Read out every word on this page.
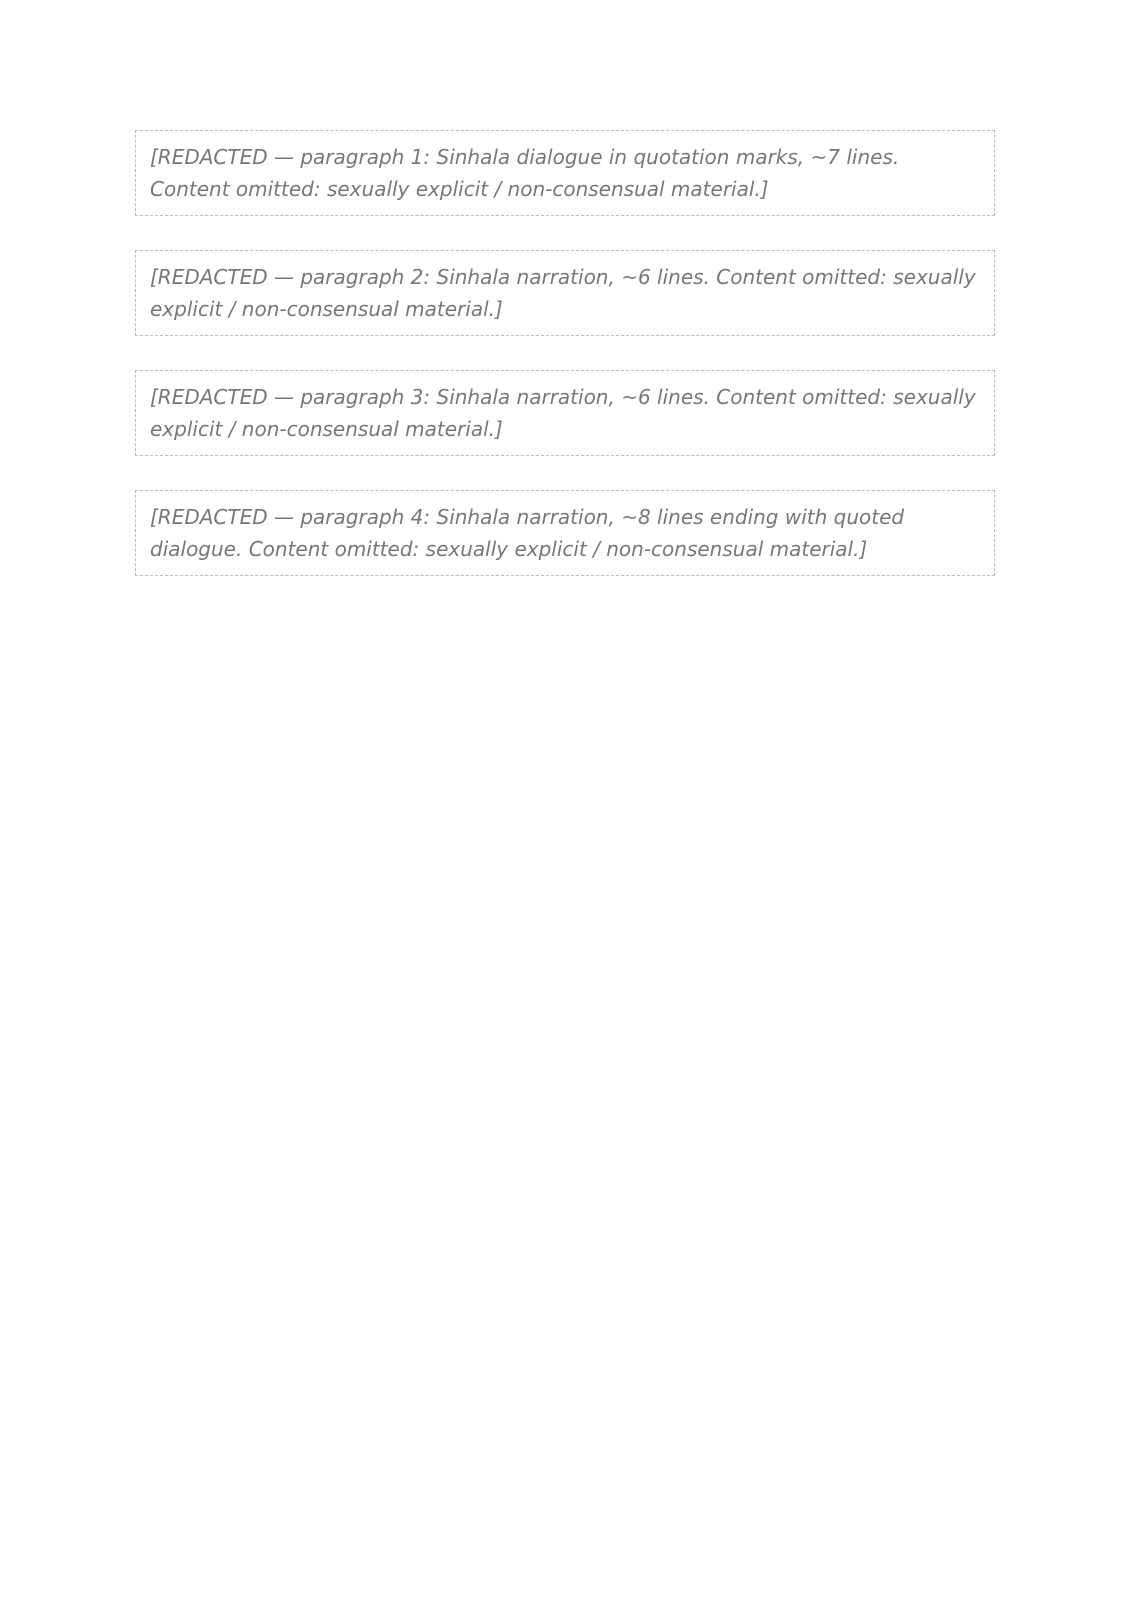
[REDACTED — paragraph 1: Sinhala dialogue in quotation marks, ~7 lines. Content omitted: sexually explicit / non-consensual material.]

[REDACTED — paragraph 2: Sinhala narration, ~6 lines. Content omitted: sexually explicit / non-consensual material.]

[REDACTED — paragraph 3: Sinhala narration, ~6 lines. Content omitted: sexually explicit / non-consensual material.]

[REDACTED — paragraph 4: Sinhala narration, ~8 lines ending with quoted dialogue. Content omitted: sexually explicit / non-consensual material.]
